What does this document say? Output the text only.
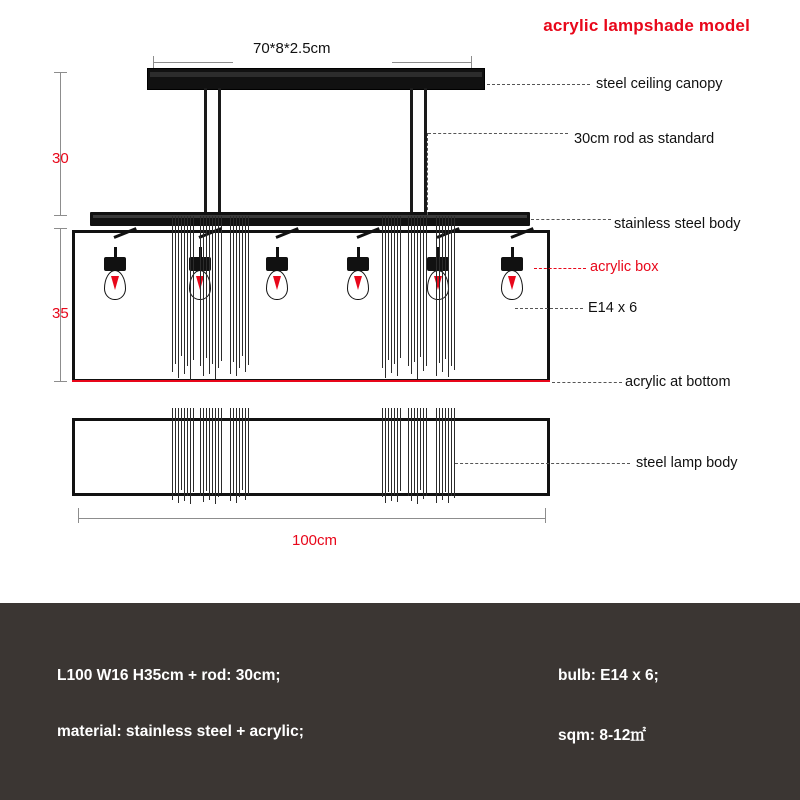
acrylic lampshade model
70*8*2.5cm
30
35
100cm
steel ceiling canopy
30cm rod as standard
stainless steel body
acrylic box
E14 x 6
acrylic at bottom
steel lamp body
L100 W16 H35cm + rod: 30cm;	bulb: E14 x 6;
material: stainless steel + acrylic;	sqm: 8-12㎡
